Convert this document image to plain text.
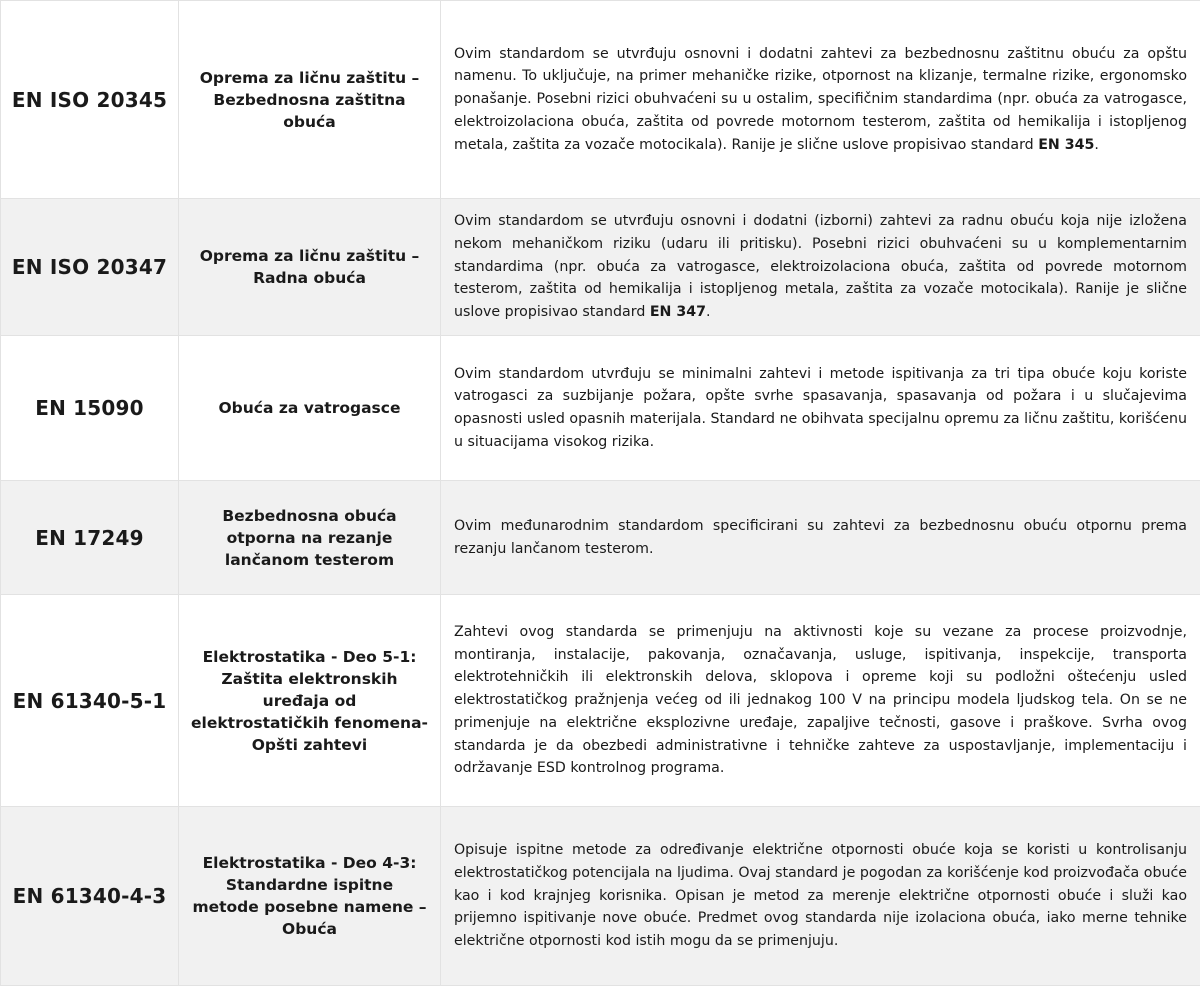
EN ISO 20345	Oprema za ličnu zaštitu – Bezbednosna zaštitna obuća	Ovim standardom se utvrđuju osnovni i dodatni zahtevi za bezbednosnu zaštitnu obuću za opštu namenu. To uključuje, na primer mehaničke rizike, otpornost na klizanje, termalne rizike, ergonomsko ponašanje. Posebni rizici obuhvaćeni su u ostalim, specifičnim standardima (npr. obuća za vatrogasce, elektroizolaciona obuća, zaštita od povrede motornom testerom, zaštita od hemikalija i istopljenog metala, zaštita za vozače motocikala). Ranije je slične uslove propisivao standard EN 345.

EN ISO 20347	Oprema za ličnu zaštitu – Radna obuća	Ovim standardom se utvrđuju osnovni i dodatni (izborni) zahtevi za radnu obuću koja nije izložena nekom mehaničkom riziku (udaru ili pritisku). Posebni rizici obuhvaćeni su u komplementarnim standardima (npr. obuća za vatrogasce, elektroizolaciona obuća, zaštita od povrede motornom testerom, zaštita od hemikalija i istopljenog metala, zaštita za vozače motocikala). Ranije je slične uslove propisivao standard EN 347.

EN 15090	Obuća za vatrogasce	Ovim standardom utvrđuju se minimalni zahtevi i metode ispitivanja za tri tipa obuće koju koriste vatrogasci za suzbijanje požara, opšte svrhe spasavanja, spasavanja od požara i u slučajevima opasnosti usled opasnih materijala. Standard ne obihvata specijalnu opremu za ličnu zaštitu, korišćenu u situacijama visokog rizika.

EN 17249	Bezbednosna obuća otporna na rezanje lančanom testerom	Ovim međunarodnim standardom specificirani su zahtevi za bezbednosnu obuću otpornu prema rezanju lančanom testerom.

EN 61340-5-1	Elektrostatika - Deo 5-1: Zaštita elektronskih uređaja od elektrostatičkih fenomena- Opšti zahtevi	Zahtevi ovog standarda se primenjuju na aktivnosti koje su vezane za procese proizvodnje, montiranja, instalacije, pakovanja, označavanja, usluge, ispitivanja, inspekcije, transporta elektrotehničkih ili elektronskih delova, sklopova i opreme koji su podložni oštećenju usled elektrostatičkog pražnjenja većeg od ili jednakog 100 V na principu modela ljudskog tela. On se ne primenjuje na električne eksplozivne uređaje, zapaljive tečnosti, gasove i praškove. Svrha ovog standarda je da obezbedi administrativne i tehničke zahteve za uspostavljanje, implementaciju i održavanje ESD kontrolnog programa.

EN 61340-4-3	Elektrostatika - Deo 4-3: Standardne ispitne metode posebne namene – Obuća	Opisuje ispitne metode za određivanje električne otpornosti obuće koja se koristi u kontrolisanju elektrostatičkog potencijala na ljudima. Ovaj standard je pogodan za korišćenje kod proizvođača obuće kao i kod krajnjeg korisnika. Opisan je metod za merenje električne otpornosti obuće i služi kao prijemno ispitivanje nove obuće. Predmet ovog standarda nije izolaciona obuća, iako merne tehnike električne otpornosti kod istih mogu da se primenjuju.
